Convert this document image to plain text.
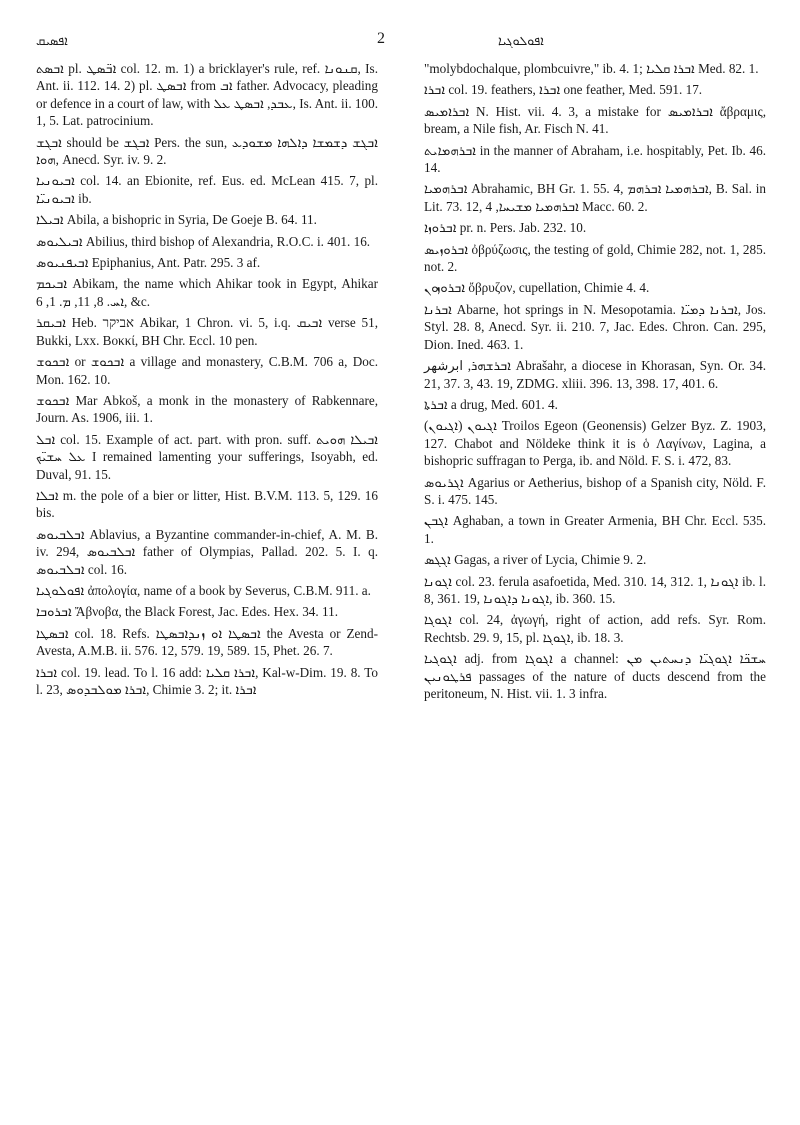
ܐܦܣܝܩ	2	ܐܦܘܠܘܓܝܐ

ܐܒܣܬ pl. ܐܒ̈ܣܛ col. 12. m. 1) a bricklayer's rule, ref. ܩܢܘܢܐ, Is. Ant. ii. 112. 14. 2) pl. ܐܒܣܛ from ܐܒ father. Advocacy, pleading or defence in a court of law, with ܥܒܕ, ܐܒܣܛ ܥܠ, Is. Ant. ii. 100. 1, 5. Lat. patrocinium.

ܐܒܓܫ should be ܐܒܓܫ Pers. the sun, ܐܒܓܫ ܕܫܡܫܐ ܕܐܠܗܐ ܡܫܘܕܥ ܗܘܐ, Anecd. Syr. iv. 9. 2.

ܐܒܝܘܢܝܐ col. 14. an Ebionite, ref. Eus. ed. McLean 415. 7, pl. ܐܒܝܘܢܝ̈ܐ ib.

ܐܒܝܠܐ Abila, a bishopric in Syria, De Goeje B. 64. 11.

ܐܒܝܠܝܘܣ Abilius, third bishop of Alexandria, R.O.C. i. 401. 16.

ܐܒܝܦܢܝܘܣ Epiphanius, Ant. Patr. 295. 3 af.

ܐܒܝܟܡ Abikam, the name which Ahikar took in Egypt, Ahikar ܐܚ. 8, 11, ܡ. 1, 6, &c.

ܐܒܝܩܪ Heb. אביקר Abikar, 1 Chron. vi. 5, i.q. ܐܒܝܩ verse 51, Bukki, Lxx. Βοκκί, BH Chr. Eccl. 10 pen.

ܐܒܟܘܫ or ܐܒܟܘܫ a village and monastery, C.B.M. 706 a, Doc. Mon. 162. 10.

ܐܒܟܘܫ Mar Abkoš, a monk in the monastery of Rabkennare, Journ. As. 1906, iii. 1.

ܐܒܠ col. 15. Example of act. part. with pron. suff. ܐܒܝܠܐ ܗܘܝܬ ܥܠ ܚܫܝ̈ܟ I remained lamenting your sufferings, Isoyabh, ed. Duval, 91. 15.

ܐܒܠܐ m. the pole of a bier or litter, Hist. B.V.M. 113. 5, 129. 16 bis.

ܐܒܠܒܝܘܣ Ablavius, a Byzantine commander-in-chief, A. M. B. iv. 294, ܐܒܠܒܝܘܣ father of Olympias, Pallad. 202. 5. I. q. ܐܒܠܒܝܘܣ col. 16.

ܐܦܘܠܘܓܝܐ ἀπολογία, name of a book by Severus, C.B.M. 911. a.

ܐܒܪܘܒܐ Ἄβνοβα, the Black Forest, Jac. Edes. Hex. 34. 11.

ܐܒܣܛܐ col. 18. Refs. ܐܒܣܛܐ ܐܘ ܙܢܕܐܒܣܛܐ the Avesta or Zend-Avesta, A.M.B. ii. 576. 12, 579. 19, 589. 15, Phet. 26. 7.

ܐܒܪܐ col. 19. lead. To l. 16 add: ܐܒܪܐ ܩܠܝܐ, Kal-w-Dim. 19. 8. To l. 23, ܐܒܪܐ ܡܘܠܒܕܘܣ, Chimie 3. 2; it. ܐܒܪܐ

"molybdochalque, plombcuivre," ib. 4. 1; ܐܒܪܐ ܩܠܝܐ Med. 82. 1.

ܐܒܪܐ col. 19. feathers, ܐܒܪܐ one feather, Med. 591. 17.

ܐܒܪܐܡܝܣ N. Hist. vii. 4. 3, a mistake for ܐܒܪܐܡܝܣ ἄβραμις, bream, a Nile fish, Ar. Fisch N. 41.

ܐܒܪܗܡܐܝܬ in the manner of Abraham, i.e. hospitably, Pet. Ib. 46. 14.

ܐܒܪܗܡܝܐ Abrahamic, BH Gr. 1. 55. 4, ܐܒܪܗܡܝܐ ܐܒܪܗܡ, B. Sal. in Lit. 73. 12, ܐܒܪܗܡܝܐ ܡܫܝܚܐ, 4 Macc. 60. 2.

ܐܒܪܘܙܐ pr. n. Pers. Jab. 232. 10.

ܐܒܪܘܙܝܣ ὀβρύζωσις, the testing of gold, Chimie 282, not. 1, 285. not. 2.

ܐܒܪܘܙܘܢ ὄβρυζον, cupellation, Chimie 4. 4.

ܐܒܪܢܐ Abarne, hot springs in N. Mesopotamia. ܐܒܪܢܐ ܕܡܝ̈ܐ, Jos. Styl. 28. 8, Anecd. Syr. ii. 210. 7, Jac. Edes. Chron. Can. 295, Dion. Ined. 463. 1.

ܐܒܪܫܗܪ, ابرشهر Abrašahr, a diocese in Khorasan, Syn. Or. 34. 21, 37. 3, 43. 19, ZDMG. xliii. 396. 13, 398. 17, 401. 6.

ܐܒܪܬܐ a drug, Med. 601. 4.

ܐܓܝܘܢ (ܐܓܝܘܢ) Troilos Egeon (Geonensis) Gelzer Byz. Z. 1903, 127. Chabot and Nöldeke think it is ὁ Λαγίνων, Lagina, a bishopric suffragan to Perga, ib. and Nöld. F. S. i. 472, 83.

ܐܓܪܝܘܣ Agarius or Aetherius, bishop of a Spanish city, Nöld. F. S. i. 475. 145.

ܐܓܒܢ Aghaban, a town in Greater Armenia, BH Chr. Eccl. 535. 1.

ܐܓܓܣ Gagas, a river of Lycia, Chimie 9. 2.

ܐܓܘܢܐ col. 23. ferula asafoetida, Med. 310. 14, 312. 1, ܐܓܘܢܐ ib. l. 8, 361. 19, ܐܓܘܢܐ ܕܐܓܘܢܐ, ib. 360. 15.

ܐܓܘܓܐ col. 24, ἀγωγή, right of action, add refs. Syr. Rom. Rechtsb. 29. 9, 15, pl. ܐܓܘܓܐ, ib. 18. 3.

ܐܓܘܓܝܐ adj. from ܐܓܘܓܐ a channel: ܚܫܟ̈ܐ ܐܓܘܓܝ̈ܐ ܕܢܚܬܝܢ ܡܢ ܦܪܛܘܢܝܢ passages of the nature of ducts descend from the peritoneum, N. Hist. vii. 1. 3 infra.
